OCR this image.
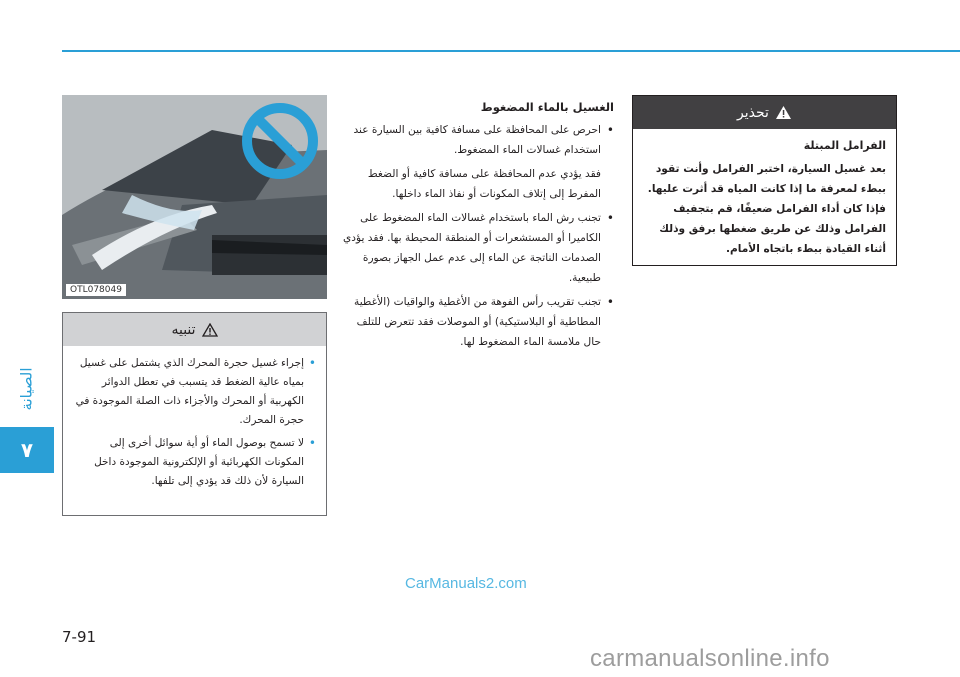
الصيانة
٧
OTL078049
تنبيه
• إجراء غسيل حجرة المحرك الذي يشتمل على غسيل بمياه عالية الضغط قد يتسبب في تعطل الدوائر الكهربية أو المحرك والأجزاء ذات الصلة الموجودة في حجرة المحرك.
• لا تسمح بوصول الماء أو أية سوائل أخرى إلى المكونات الكهربائية أو الإلكترونية الموجودة داخل السيارة لأن ذلك قد يؤدي إلى تلفها.
الغسيل بالماء المضغوط
• احرص على المحافظة على مسافة كافية بين السيارة عند استخدام غسالات الماء المضغوط.
فقد يؤدي عدم المحافظة على مسافة كافية أو الضغط المفرط إلى إتلاف المكونات أو نفاذ الماء داخلها.
• تجنب رش الماء باستخدام غسالات الماء المضغوط على الكاميرا أو المستشعرات أو المنطقة المحيطة بها. فقد يؤدي الصدمات الناتجة عن الماء إلى عدم عمل الجهاز بصورة طبيعية.
• تجنب تقريب رأس الفوهة من الأغطية والواقيات (الأغطية المطاطية أو البلاستيكية) أو الموصلات فقد تتعرض للتلف حال ملامسة الماء المضغوط لها.
تحذير
الفرامل المبتلة
بعد غسيل السيارة، اختبر الفرامل وأنت تقود ببطء لمعرفة ما إذا كانت المياه قد أثرت عليها. فإذا كان أداء الفرامل ضعيفًا، قم بتجفيف الفرامل وذلك عن طريق ضغطها برفق وذلك أثناء القيادة ببطء باتجاه الأمام.
CarManuals2.com
7-91
carmanualsonline.info
